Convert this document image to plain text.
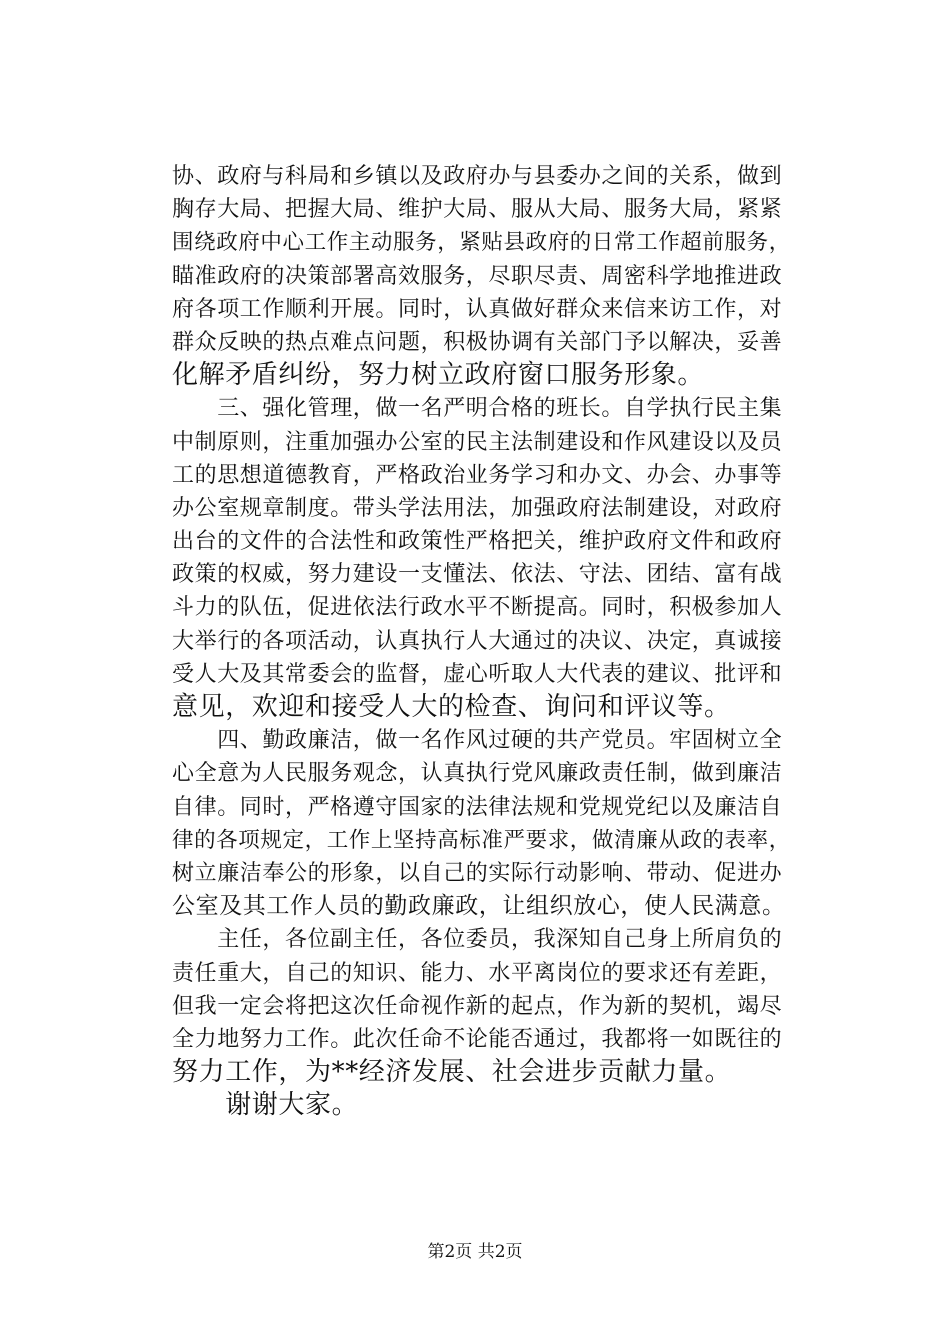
协、政府与科局和乡镇以及政府办与县委办之间的关系，做到
胸存大局、把握大局、维护大局、服从大局、服务大局，紧紧
围绕政府中心工作主动服务，紧贴县政府的日常工作超前服务，
瞄准政府的决策部署高效服务，尽职尽责、周密科学地推进政
府各项工作顺利开展。同时，认真做好群众来信来访工作，对
群众反映的热点难点问题，积极协调有关部门予以解决，妥善
化解矛盾纠纷，努力树立政府窗口服务形象。
　　三、强化管理，做一名严明合格的班长。自学执行民主集
中制原则，注重加强办公室的民主法制建设和作风建设以及员
工的思想道德教育，严格政治业务学习和办文、办会、办事等
办公室规章制度。带头学法用法，加强政府法制建设，对政府
出台的文件的合法性和政策性严格把关，维护政府文件和政府
政策的权威，努力建设一支懂法、依法、守法、团结、富有战
斗力的队伍，促进依法行政水平不断提高。同时，积极参加人
大举行的各项活动，认真执行人大通过的决议、决定，真诚接
受人大及其常委会的监督，虚心听取人大代表的建议、批评和
意见，欢迎和接受人大的检查、询问和评议等。
　　四、勤政廉洁，做一名作风过硬的共产党员。牢固树立全
心全意为人民服务观念，认真执行党风廉政责任制，做到廉洁
自律。同时，严格遵守国家的法律法规和党规党纪以及廉洁自
律的各项规定，工作上坚持高标准严要求，做清廉从政的表率，
树立廉洁奉公的形象，以自己的实际行动影响、带动、促进办
公室及其工作人员的勤政廉政，让组织放心，使人民满意。
　　主任，各位副主任，各位委员，我深知自己身上所肩负的
责任重大，自己的知识、能力、水平离岗位的要求还有差距，
但我一定会将把这次任命视作新的起点，作为新的契机，竭尽
全力地努力工作。此次任命不论能否通过，我都将一如既往的
努力工作，为**经济发展、社会进步贡献力量。
　　谢谢大家。
第2页 共2页
